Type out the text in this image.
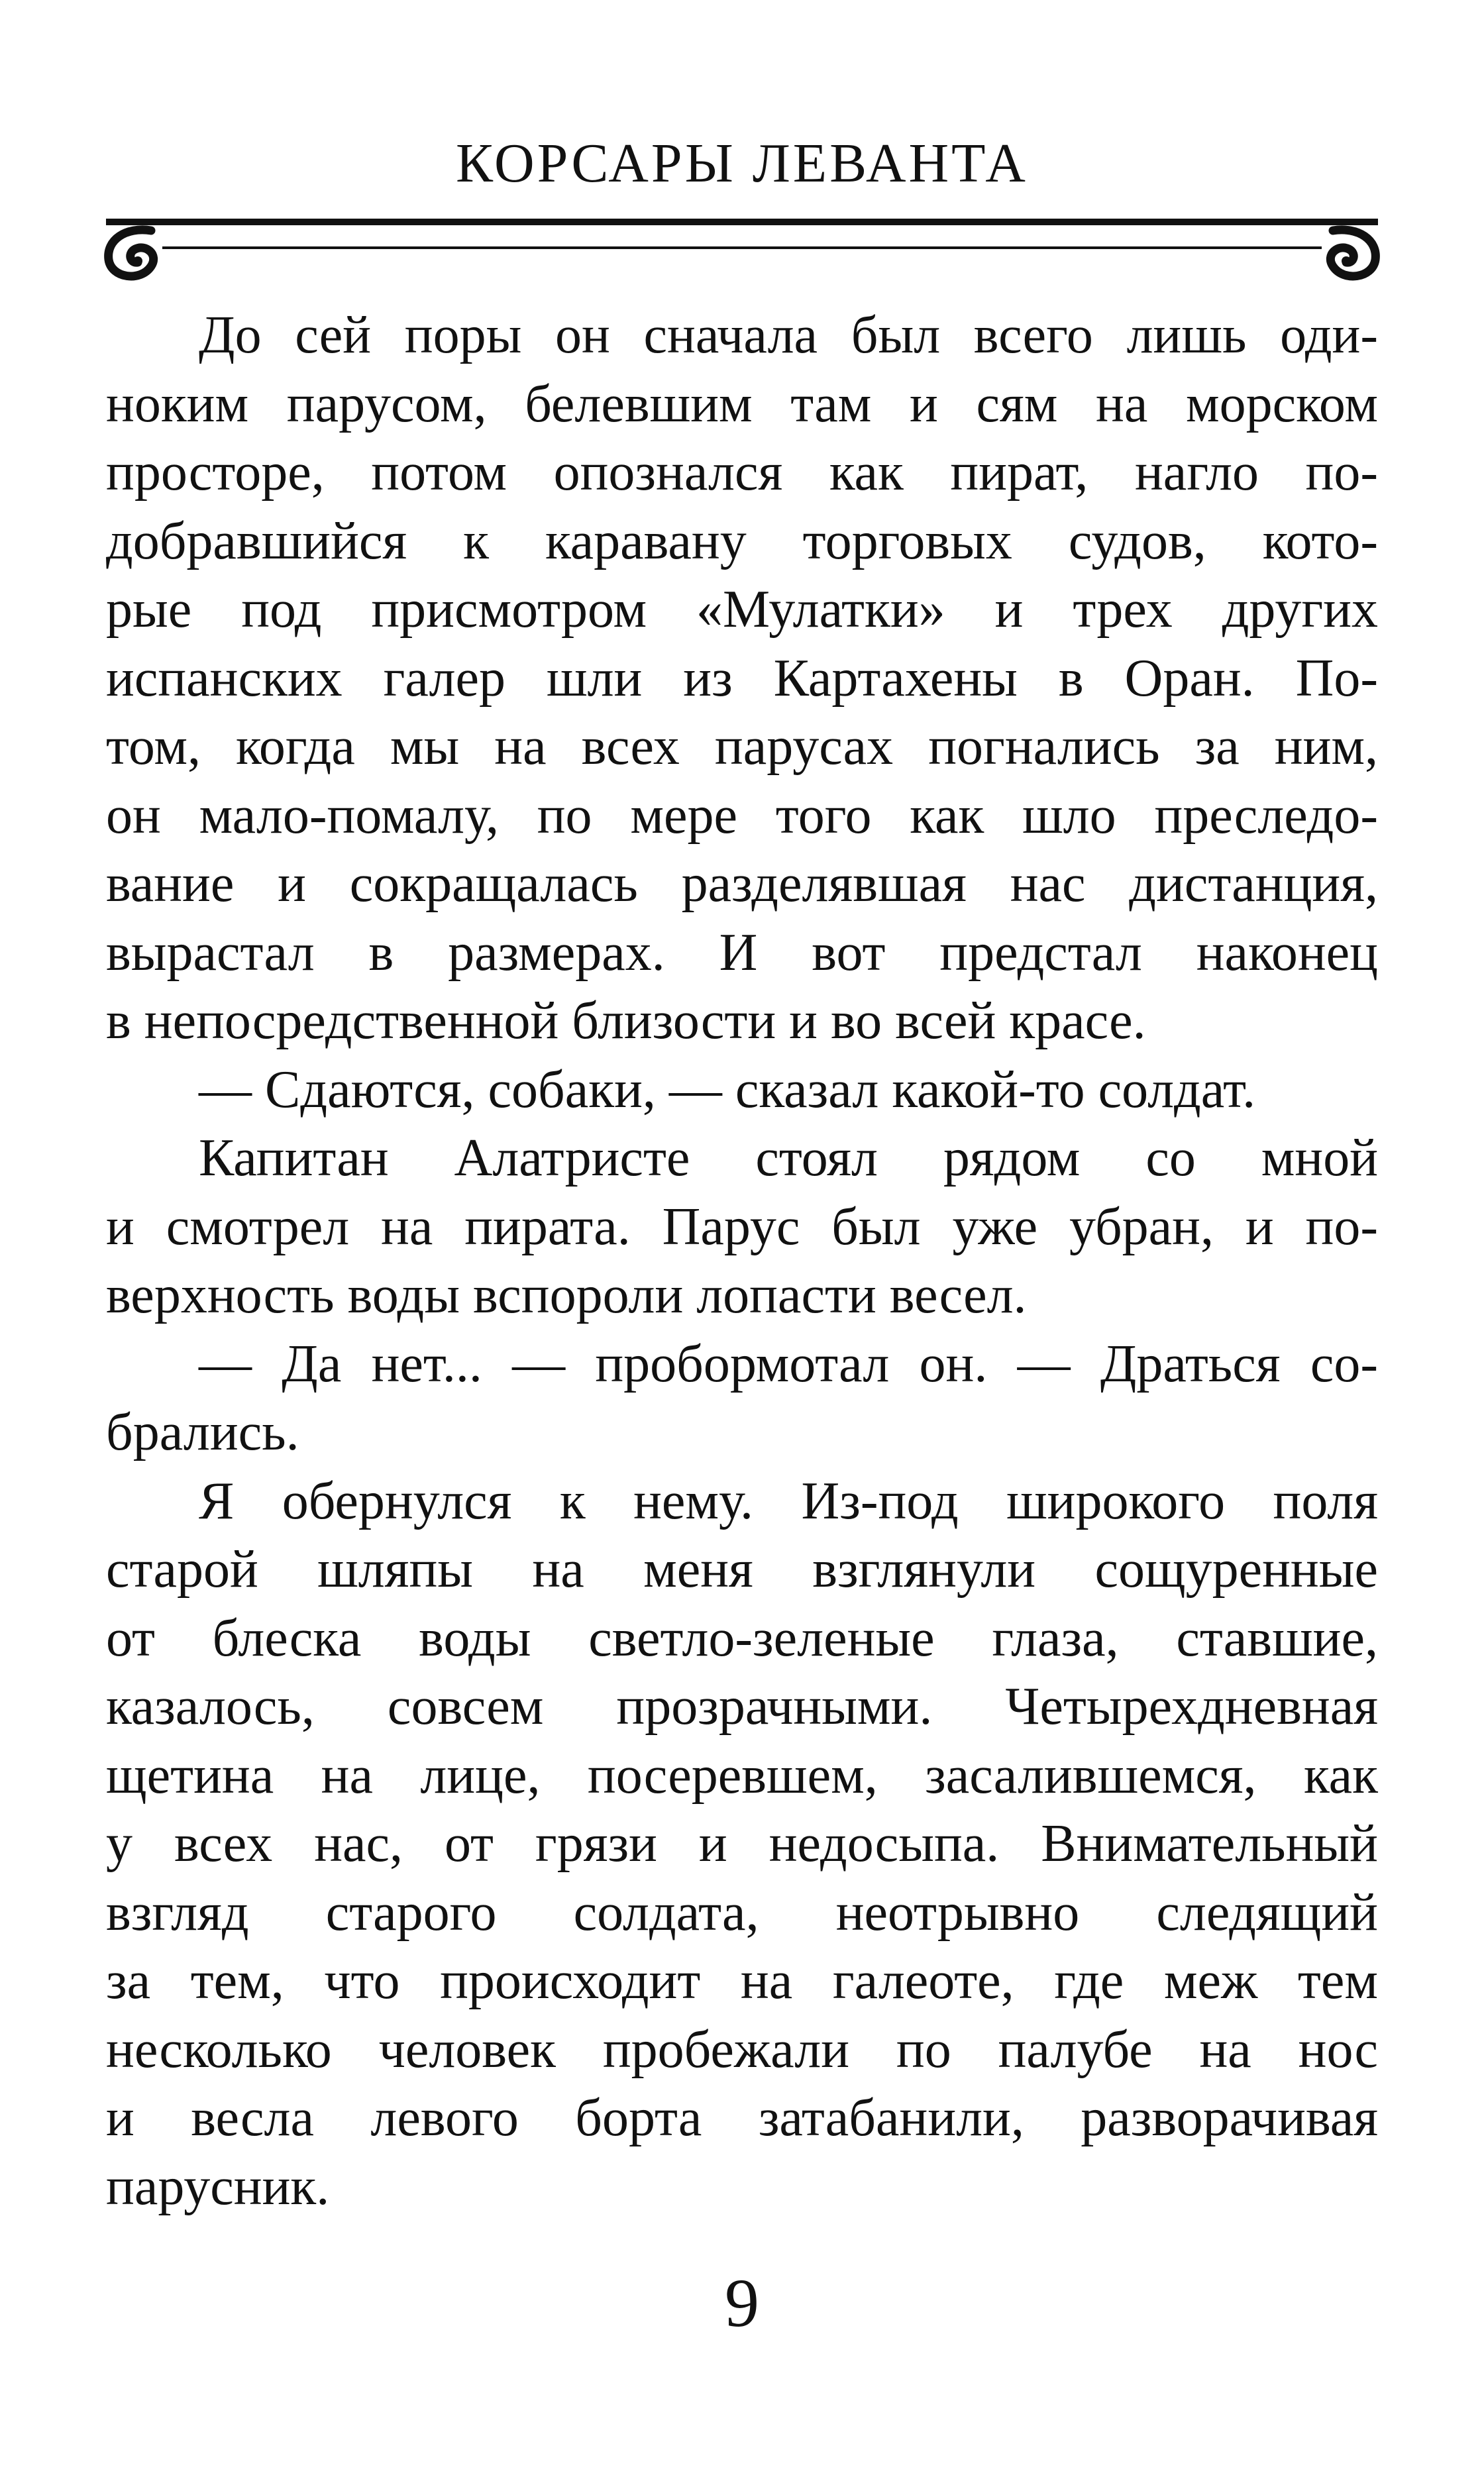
КОРСАРЫ ЛЕВАНТА
До сей поры он сначала был всего лишь оди-
ноким парусом, белевшим там и сям на морском
просторе, потом опознался как пират, нагло по-
добравшийся к каравану торговых судов, кото-
рые под присмотром «Мулатки» и трех других
испанских галер шли из Картахены в Оран. По-
том, когда мы на всех парусах погнались за ним,
он мало-помалу, по мере того как шло преследо-
вание и сокращалась разделявшая нас дистанция,
вырастал в размерах. И вот предстал наконец
в непосредственной близости и во всей красе.
— Сдаются, собаки, — сказал какой-то солдат.
Капитан Алатристе стоял рядом со мной
и смотрел на пирата. Парус был уже убран, и по-
верхность воды вспороли лопасти весел.
— Да нет... — пробормотал он. — Драться со-
брались.
Я обернулся к нему. Из-под широкого поля
старой шляпы на меня взглянули сощуренные
от блеска воды светло-зеленые глаза, ставшие,
казалось, совсем прозрачными. Четырехдневная
щетина на лице, посеревшем, засалившемся, как
у всех нас, от грязи и недосыпа. Внимательный
взгляд старого солдата, неотрывно следящий
за тем, что происходит на галеоте, где меж тем
несколько человек пробежали по палубе на нос
и весла левого борта затабанили, разворачивая
парусник.
9
